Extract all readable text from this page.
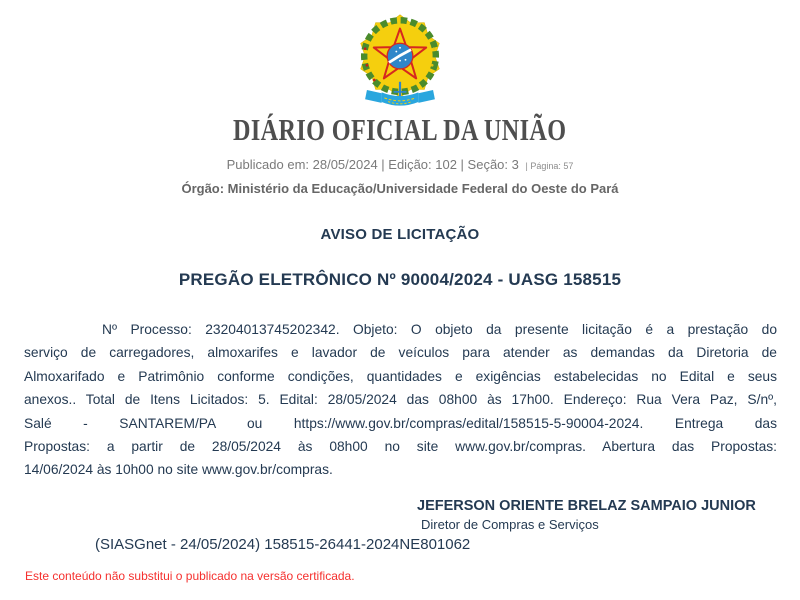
DIÁRIO OFICIAL DA UNIÃO
Publicado em: 28/05/2024 | Edição: 102 | Seção: 3 | Página: 57
Órgão: Ministério da Educação/Universidade Federal do Oeste do Pará
AVISO DE LICITAÇÃO
PREGÃO ELETRÔNICO Nº 90004/2024 - UASG 158515
Nº Processo: 23204013745202342. Objeto: O objeto da presente licitação é a prestação do
serviço de carregadores, almoxarifes e lavador de veículos para atender as demandas da Diretoria de
Almoxarifado e Patrimônio conforme condições, quantidades e exigências estabelecidas no Edital e seus
anexos.. Total de Itens Licitados: 5. Edital: 28/05/2024 das 08h00 às 17h00. Endereço: Rua Vera Paz, S/nº,
Salé - SANTAREM/PA ou https://www.gov.br/compras/edital/158515-5-90004-2024. Entrega das
Propostas: a partir de 28/05/2024 às 08h00 no site www.gov.br/compras. Abertura das Propostas:
14/06/2024 às 10h00 no site www.gov.br/compras.
JEFERSON ORIENTE BRELAZ SAMPAIO JUNIOR
Diretor de Compras e Serviços
(SIASGnet - 24/05/2024) 158515-26441-2024NE801062
Este conteúdo não substitui o publicado na versão certificada.
